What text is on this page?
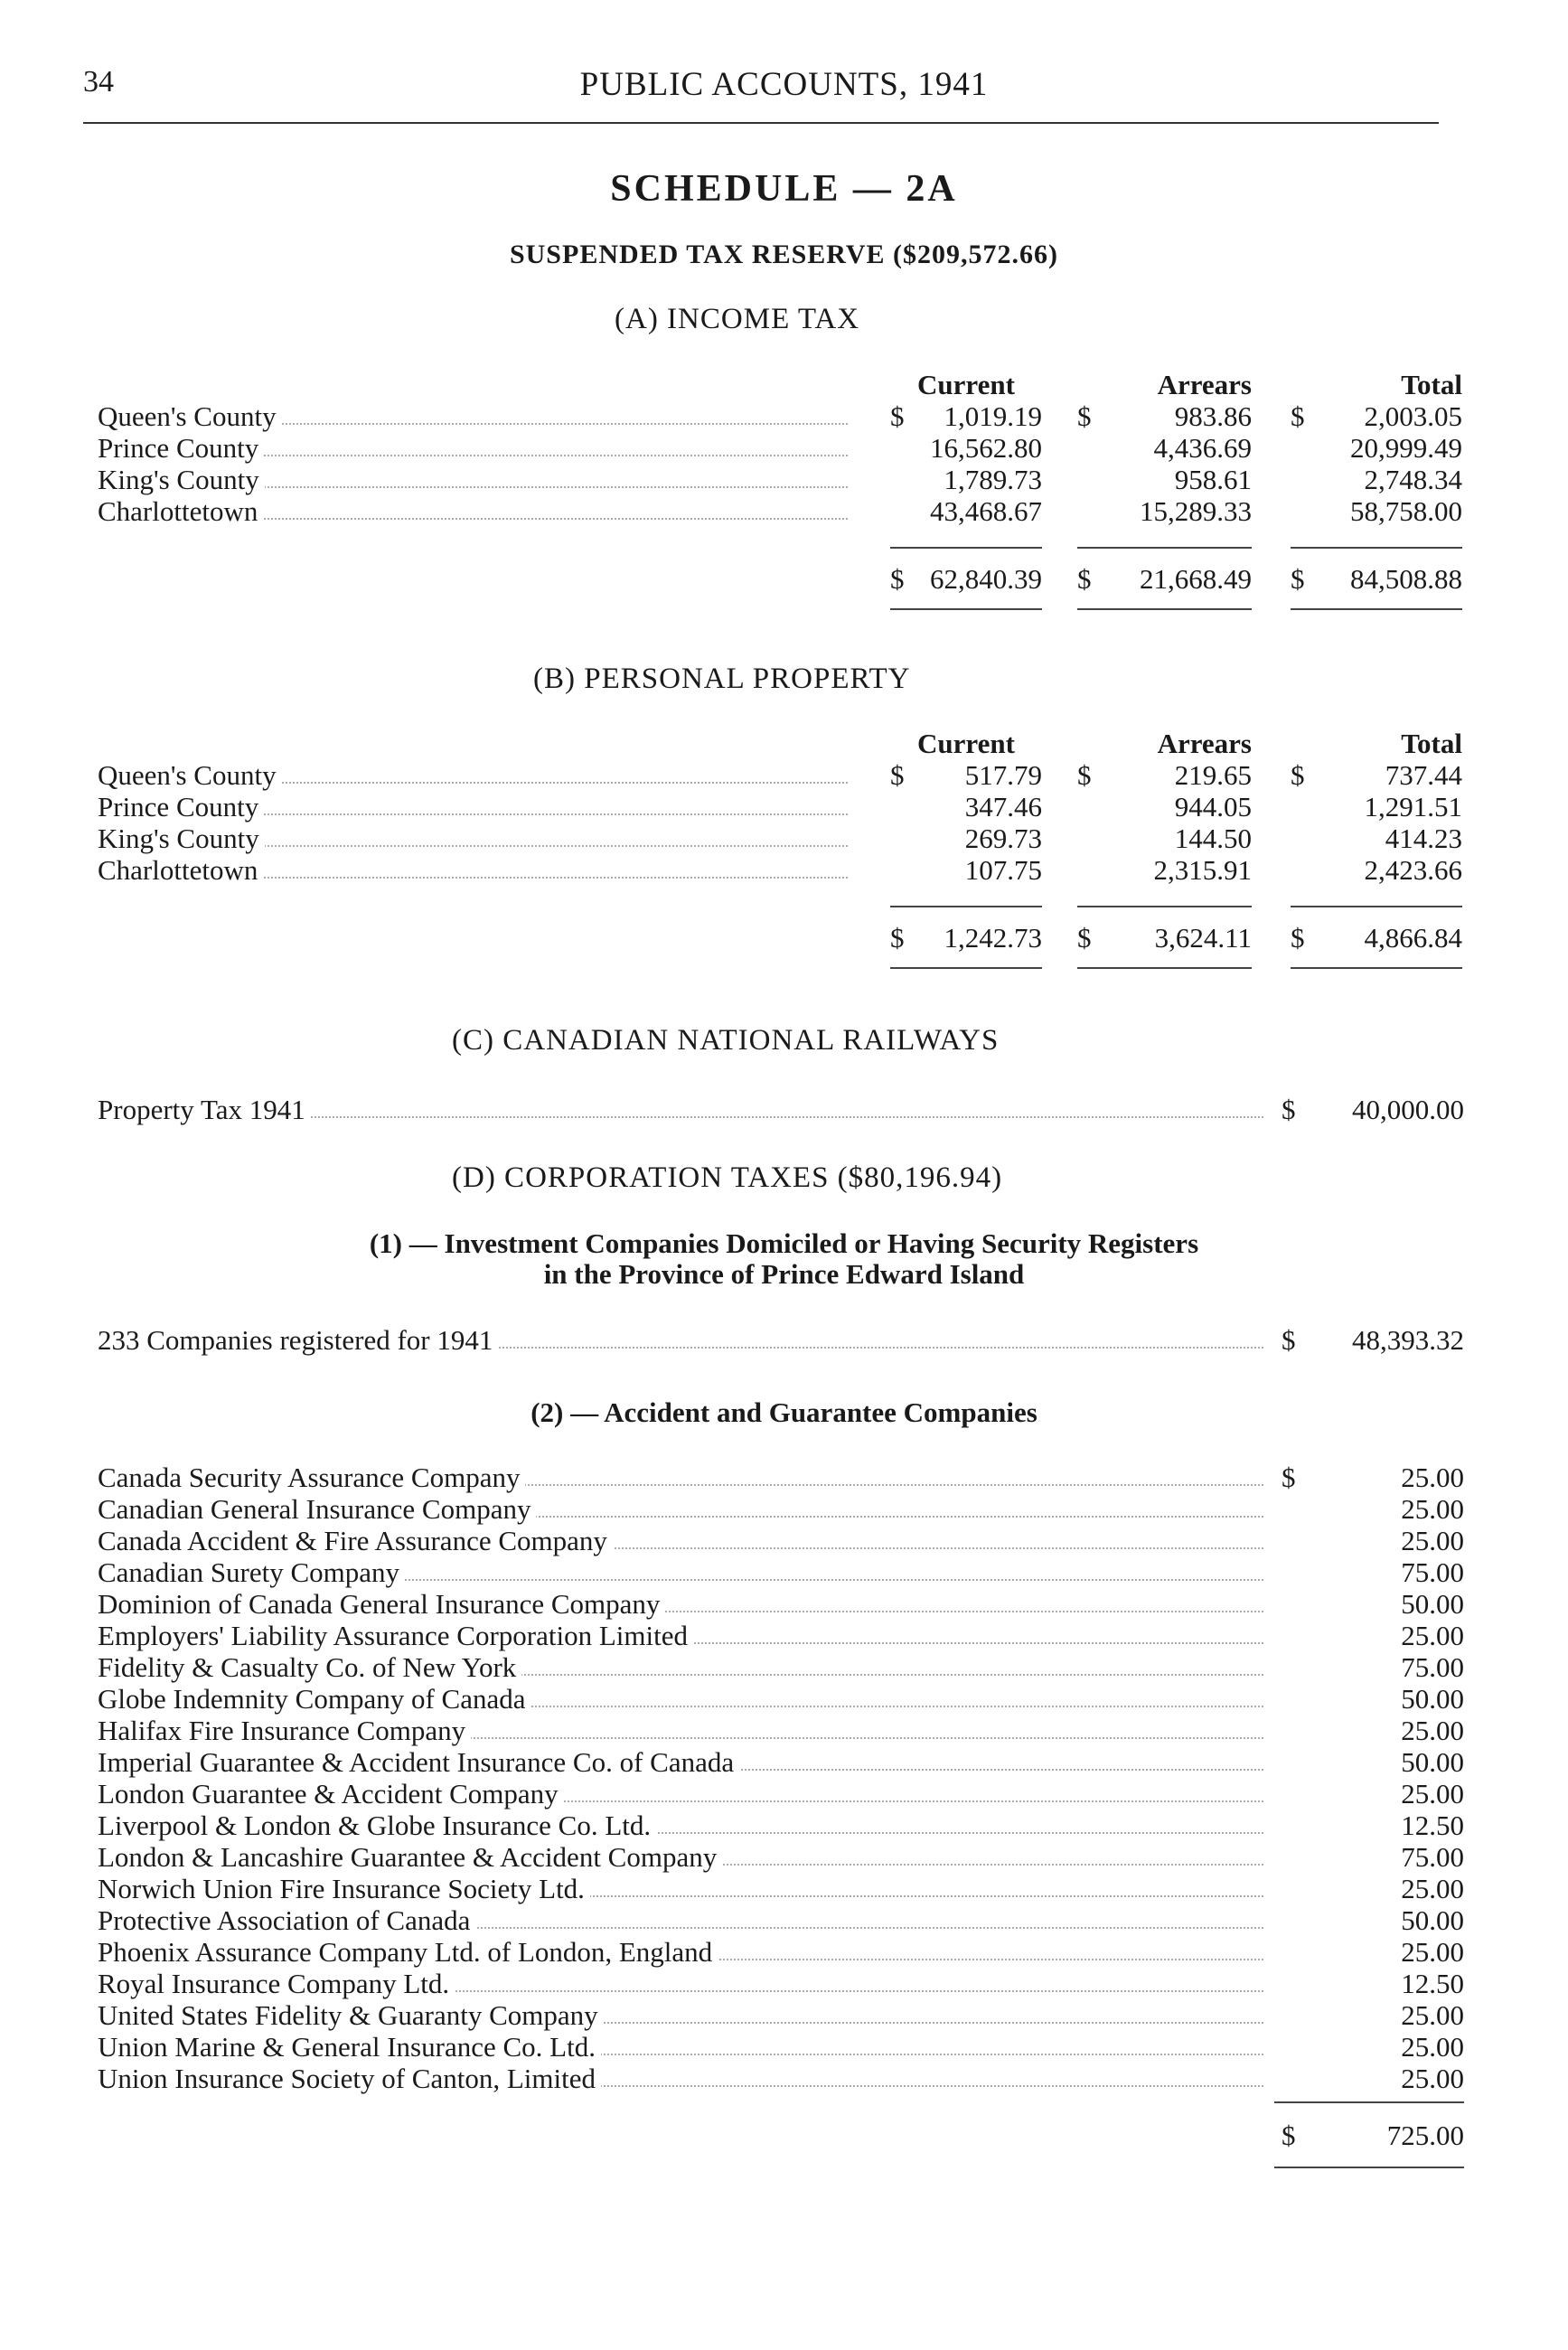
34	PUBLIC ACCOUNTS, 1941
SCHEDULE — 2A
SUSPENDED TAX RESERVE ($209,572.66)
(A) INCOME TAX
Current	Arrears	Total
Queen's County	$	1,019.19 $	983.86 $	2,003.05
Prince County	16,562.80	4,436.69	20,999.49
King's County	1,789.73	958.61	2,748.34
Charlottetown	43,468.67	15,289.33	58,758.00
$ 62,840.39 $	21,668.49 $	84,508.88
(B) PERSONAL PROPERTY
Current	Arrears	Total
Queen's County	$	517.79 $	219.65 $	737.44
Prince County	347.46	944.05	1,291.51
King's County	269.73	144.50	414.23
Charlottetown	107.75	2,315.91	2,423.66
$	1,242.73 $	3,624.11 $	4,866.84
(C) CANADIAN NATIONAL RAILWAYS
Property Tax 1941	$	40,000.00
(D) CORPORATION TAXES ($80,196.94)
(1) — Investment Companies Domiciled or Having Security Registers
in the Province of Prince Edward Island
233 Companies registered for 1941	$	48,393.32
(2) — Accident and Guarantee Companies
Canada Security Assurance Company	$	25.00
Canadian General Insurance Company	25.00
Canada Accident & Fire Assurance Company	25.00
Canadian Surety Company	75.00
Dominion of Canada General Insurance Company	50.00
Employers' Liability Assurance Corporation Limited	25.00
Fidelity & Casualty Co. of New York	75.00
Globe Indemnity Company of Canada	50.00
Halifax Fire Insurance Company	25.00
Imperial Guarantee & Accident Insurance Co. of Canada	50.00
London Guarantee & Accident Company	25.00
Liverpool & London & Globe Insurance Co. Ltd.	12.50
London & Lancashire Guarantee & Accident Company	75.00
Norwich Union Fire Insurance Society Ltd.	25.00
Protective Association of Canada	50.00
Phoenix Assurance Company Ltd. of London, England	25.00
Royal Insurance Company Ltd.	12.50
United States Fidelity & Guaranty Company	25.00
Union Marine & General Insurance Co. Ltd.	25.00
Union Insurance Society of Canton, Limited	25.00
$	725.00
